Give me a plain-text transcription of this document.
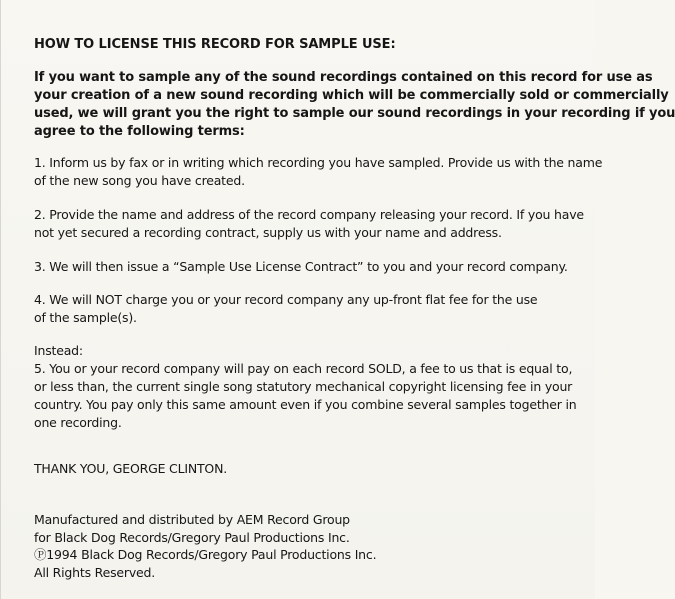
HOW TO LICENSE THIS RECORD FOR SAMPLE USE:

If you want to sample any of the sound recordings contained on this record for use as
your creation of a new sound recording which will be commercially sold or commercially
used, we will grant you the right to sample our sound recordings in your recording if you
agree to the following terms:

1. Inform us by fax or in writing which recording you have sampled. Provide us with the name
of the new song you have created.

2. Provide the name and address of the record company releasing your record. If you have
not yet secured a recording contract, supply us with your name and address.

3. We will then issue a “Sample Use License Contract” to you and your record company.

4. We will NOT charge you or your record company any up-front flat fee for the use
of the sample(s).

Instead:
5. You or your record company will pay on each record SOLD, a fee to us that is equal to,
or less than, the current single song statutory mechanical copyright licensing fee in your
country. You pay only this same amount even if you combine several samples together in
one recording.

THANK YOU, GEORGE CLINTON.

Manufactured and distributed by AEM Record Group
for Black Dog Records/Gregory Paul Productions Inc.
Ⓟ1994 Black Dog Records/Gregory Paul Productions Inc.
All Rights Reserved.
